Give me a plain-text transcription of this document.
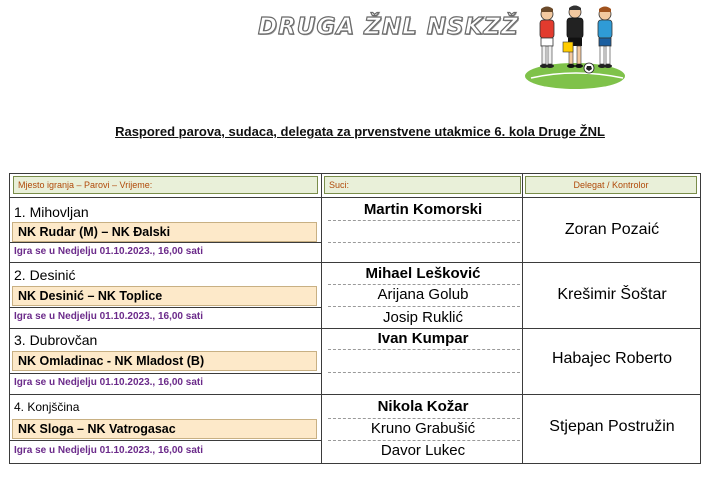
DRUGA ŽNL NSKZŽ
Raspored parova, sudaca, delegata za prvenstvene utakmice 6. kola Druge ŽNL
Mjesto igranja – Parovi – Vrijeme:	Suci:	Delegat / Kontrolor
1. Mihovljan
NK Rudar (M) – NK Đalski
Igra se u Nedjelju 01.10.2023., 16,00 sati
Martin Komorski
Zoran Pozaić
2. Desinić
NK Desinić – NK Toplice
Igra se u Nedjelju 01.10.2023., 16,00 sati
Mihael Lešković
Arijana Golub
Josip Ruklić
Krešimir Šoštar
3. Dubrovčan
NK Omladinac - NK Mladost (B)
Igra se u Nedjelju 01.10.2023., 16,00 sati
Ivan Kumpar
Habajec Roberto
4. Konjščina
NK Sloga – NK Vatrogasac
Igra se u Nedjelju 01.10.2023., 16,00 sati
Nikola Kožar
Kruno Grabušić
Davor Lukec
Stjepan Postružin
